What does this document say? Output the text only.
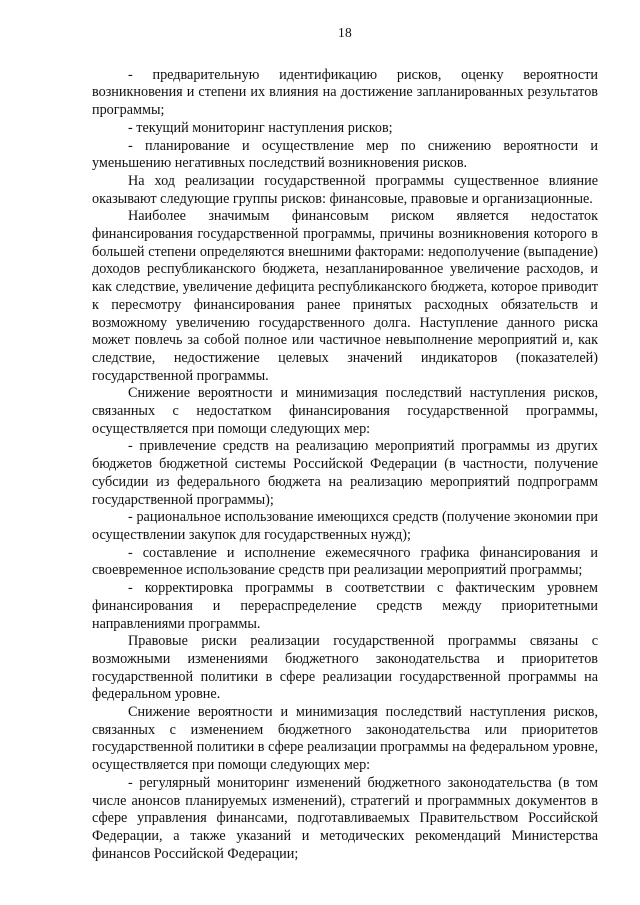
18

- предварительную идентификацию рисков, оценку вероятности возникновения и степени их влияния на достижение запланированных результатов программы;

- текущий мониторинг наступления рисков;

- планирование и осуществление мер по снижению вероятности и уменьшению негативных последствий возникновения рисков.

На ход реализации государственной программы существенное влияние оказывают следующие группы рисков: финансовые, правовые и организационные.

Наиболее значимым финансовым риском является недостаток финансирования государственной программы, причины возникновения которого в большей степени определяются внешними факторами: недополучение (выпадение) доходов республиканского бюджета, незапланированное увеличение расходов, и как следствие, увеличение дефицита республиканского бюджета, которое приводит к пересмотру финансирования ранее принятых расходных обязательств и возможному увеличению государственного долга. Наступление данного риска может повлечь за собой полное или частичное невыполнение мероприятий и, как следствие, недостижение целевых значений индикаторов (показателей) государственной программы.

Снижение вероятности и минимизация последствий наступления рисков, связанных с недостатком финансирования государственной программы, осуществляется при помощи следующих мер:

- привлечение средств на реализацию мероприятий программы из других бюджетов бюджетной системы Российской Федерации (в частности, получение субсидии из федерального бюджета на реализацию мероприятий подпрограмм государственной программы);

- рациональное использование имеющихся средств (получение экономии при осуществлении закупок для государственных нужд);

- составление и исполнение ежемесячного графика финансирования и своевременное использование средств при реализации мероприятий программы;

- корректировка программы в соответствии с фактическим уровнем финансирования и перераспределение средств между приоритетными направлениями программы.

Правовые риски реализации государственной программы связаны с возможными изменениями бюджетного законодательства и приоритетов государственной политики в сфере реализации государственной программы на федеральном уровне.

Снижение вероятности и минимизация последствий наступления рисков, связанных с изменением бюджетного законодательства или приоритетов государственной политики в сфере реализации программы на федеральном уровне, осуществляется при помощи следующих мер:

- регулярный мониторинг изменений бюджетного законодательства (в том числе анонсов планируемых изменений), стратегий и программных документов в сфере управления финансами, подготавливаемых Правительством Российской Федерации, а также указаний и методических рекомендаций Министерства финансов Российской Федерации;
